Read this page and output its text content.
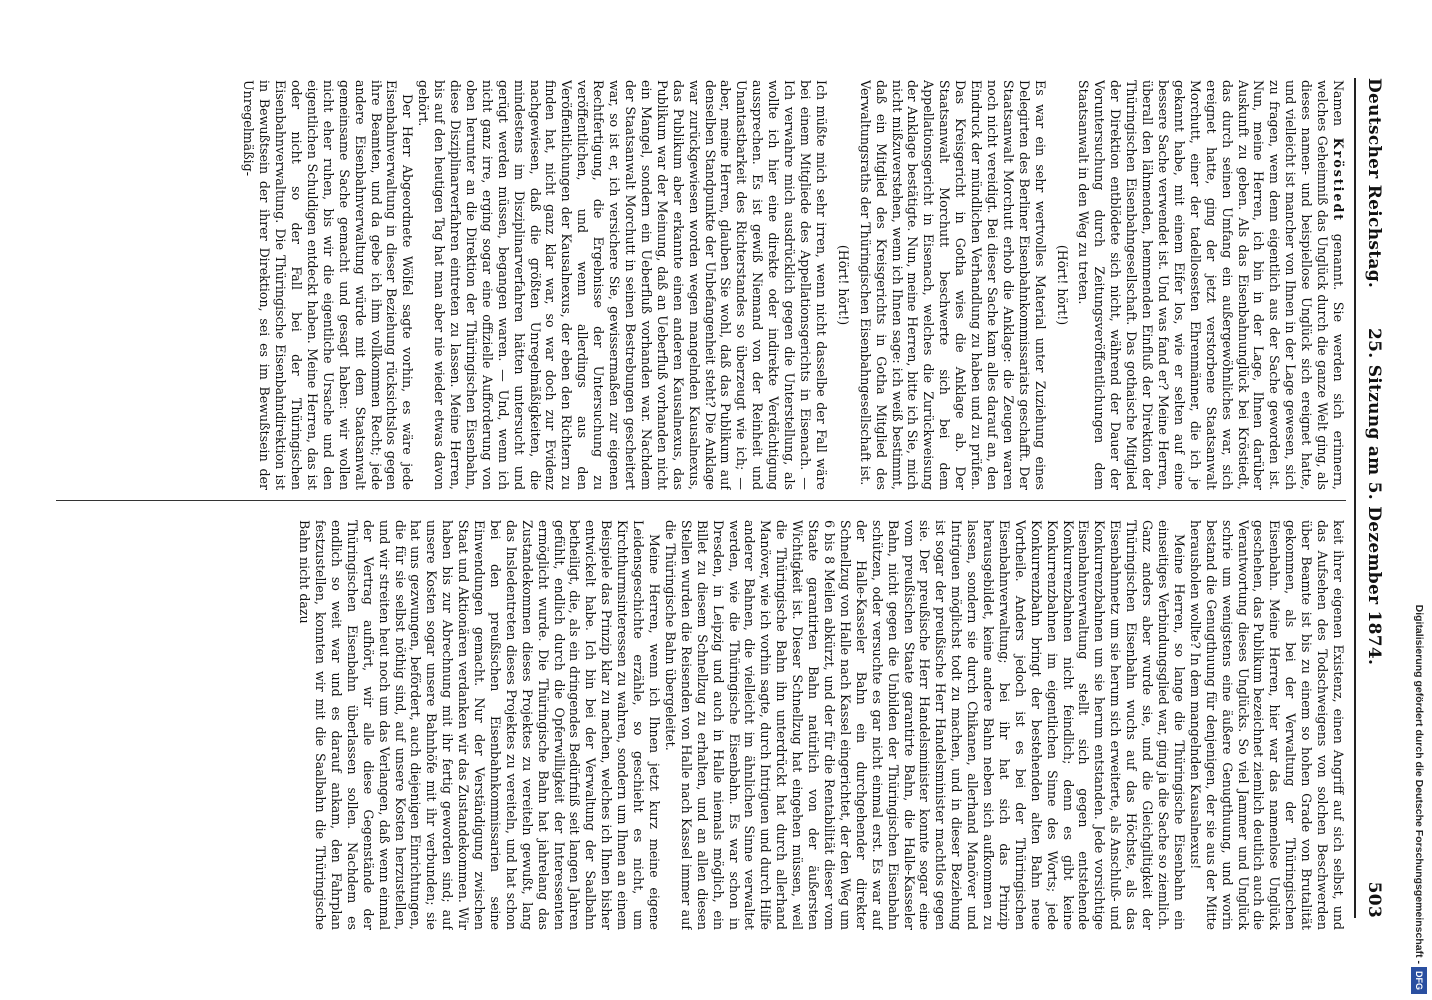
Deutscher Reichstag.
25. Sitzung am 5. Dezember 1874.
503

Namen Kröstiedt genannt. Sie werden sich erinnern, welches Geheimniß das Unglück durch die ganze Welt ging, als dieses namen- und beispiellose Unglück sich ereignet hatte, und vielleicht ist mancher von Ihnen in der Lage gewesen, sich zu fragen, wem denn eigentlich aus der Sache geworden ist. Nun, meine Herren, ich bin in der Lage, Ihnen darüber Auskunft zu geben. Als das Eisenbahnunglück bei Kröstiedt, das durch seinen Umfang ein außergewöhnliches war, sich ereignet hatte, ging der jetzt verstorbene Staatsanwalt Morchutt, einer der tadellosesten Ehrenmänner, die ich je gekannt habe, mit einem Eifer los, wie er selten auf eine bessere Sache verwendet ist. Und was fand er? Meine Herren, überall den lähmenden, hemmenden Einfluß der Direktion der Thüringischen Eisenbahngesellschaft. Das gothaische Mitglied der Direktion entblödete sich nicht, während der Dauer der Voruntersuchung durch Zeitungsveröffentlichungen dem Staatsanwalt in den Weg zu treten.

(Hört! hört!)

Es war ein sehr wertvolles Material unter Zuziehung eines Delegirten des Berliner Eisenbahnkommissariats geschafft. Der Staatsanwalt Morchutt erhob die Anklage: die Zeugen waren noch nicht vereidigt. Bei dieser Sache kam alles darauf an, den Eindruck der mündlichen Verhandlung zu haben und zu prüfen. Das Kreisgericht in Gotha wies die Anklage ab. Der Staatsanwalt Morchutt beschwerte sich bei dem Appellationsgericht in Eisenach, welches die Zurückweisung der Anklage bestätigte. Nun, meine Herren, bitte ich Sie, mich nicht mißzuverstehen, wenn ich Ihnen sage: ich weiß bestimmt, daß ein Mitglied des Kreisgerichts in Gotha Mitglied des Verwaltungsraths der Thüringischen Eisenbahngesellschaft ist.

(Hört! hört!)

Ich müßte mich sehr irren, wenn nicht dasselbe der Fall wäre bei einem Mitgliede des Appellationsgerichts in Eisenach. — Ich verwahre mich ausdrücklich gegen die Unterstellung, als wollte ich hier eine direkte oder indirekte Verdächtigung aussprechen. Es ist gewiß Niemand von der Reinheit und Unantastbarkeit des Richterstandes so überzeugt wie ich; — aber, meine Herren, glauben Sie wohl, daß das Publikum auf denselben Standpunkte der Unbefangenheit steht? Die Anklage war zurückgewiesen worden wegen mangelnden Kausalnexus, das Publikum aber erkannte einen anderen Kausalnexus, das Publikum war der Meinung, daß an Ueberfluß vorhanden nicht ein Mangel, sondern ein Ueberfluß vorhanden war. Nachdem der Staatsanwalt Morchutt in seinen Bestrebungen gescheitert war, so ist er, ich versichere Sie, gewissermaßen zur eigenen Rechtfertigung, die Ergebnisse der Untersuchung zu veröffentlichen, und wenn allerdings aus den Veröffentlichungen der Kausalnexus, der eben den Richtern zu finden hat, nicht ganz klar war, so war doch zur Evidenz nachgewiesen, daß die größten Unregelmäßigkeiten, die mindestens im Disziplinarverfahren hätten untersucht und gerügt werden müssen, begangen waren. — Und, wenn ich nicht ganz irre, erging sogar eine offizielle Aufforderung von oben herunter an die Direktion der Thüringischen Eisenbahn, diese Disziplinarverfahren eintreten zu lassen. Meine Herren, bis auf den heutigen Tag hat man aber nie wieder etwas davon gehört.

Der Herr Abgeordnete Wölfel sagte vorhin, es wäre jede Eisenbahnverwaltung in dieser Beziehung rücksichtslos gegen ihre Beamten, und da gebe ich ihm vollkommen Recht; jede andere Eisenbahnverwaltung würde mit dem Staatsanwalt gemeinsame Sache gemacht und gesagt haben: wir wollen nicht eher ruhen, bis wir die eigentliche Ursache und den eigentlichen Schuldigen entdeckt haben. Meine Herren, das ist oder nicht so der Fall bei der Thüringischen Eisenbahnverwaltung. Die Thüringische Eisenbahndirektion ist in Bewußtsein der ihrer Direktion, sei es im Bewußtsein der Unregelmäßig-

keit ihrer eigenen Existenz, einen Angriff auf sich selbst, und das Aufsehen des Todschweigens von solchen Beschwerden über Beamte ist bis zu einem so hohen Grade von Brutalität gekommen, als bei der Verwaltung der Thüringischen Eisenbahn. Meine Herren, hier war das namenlose Unglück geschehen, das Publikum bezeichnet ziemlich deutlich auch die Verantwortung dieses Unglücks. So viel Jammer und Unglück schrie um wenigstens eine äußere Genugthuung, und worin bestand die Genugthuung für denjenigen, der sie aus der Mitte herausholen wollte? In dem mangelnden Kausalnexus!

Meine Herren, so lange die Thüringische Eisenbahn ein einseitiges Verbindungsglied war, ging ja die Sache so ziemlich. Ganz anders aber wurde sie, und die Gleichgiltigkeit der Thüringischen Eisenbahn wuchs auf das Höchste, als das Eisenbahnnetz um sie herum sich erweiterte, als Anschluß- und Konkurrenzbahnen um sie herum entstanden. Jede vorsichtige Eisenbahnverwaltung stellt sich gegen entstehende Konkurrenzbahnen nicht feindlich; denn es gibt keine Konkurrenzbahnen im eigentlichen Sinne des Worts; jede Konkurrenzbahn bringt der bestehenden alten Bahn neue Vortheile. Anders jedoch ist es bei der Thüringischen Eisenbahnverwaltung; bei ihr hat sich das Prinzip herausgebildet, keine andere Bahn neben sich aufkommen zu lassen, sondern sie durch Chikanen, allerhand Manöver und Intriguen möglichst todt zu machen, und in dieser Beziehung ist sogar der preußische Herr Handelsminister machtlos gegen sie. Der preußische Herr Handelsminister konnte sogar eine vom preußischen Staate garantirte Bahn, die Halle-Kasseler Bahn, nicht gegen die Unbilden der Thüringischen Eisenbahn schützen, oder versuchte es gar nicht einmal erst. Es war auf der Halle-Kasseler Bahn ein durchgehender direkter Schnellzug von Halle nach Kassel eingerichtet, der den Weg um 6 bis 8 Meilen abkürzt, und der für die Rentabilität dieser vom Staate garantirten Bahn natürlich von der äußersten Wichtigkeit ist. Dieser Schnellzug hat eingehen müssen, weil die Thüringische Bahn ihn unterdrückt hat durch allerhand Manöver, wie ich vorhin sagte, durch Intriguen und durch Hilfe anderer Bahnen, die vielleicht im ähnlichen Sinne verwaltet werden, wie die Thüringische Eisenbahn. Es war schon in Dresden, in Leipzig und auch in Halle niemals möglich, ein Billet zu diesem Schnellzug zu erhalten, und an allen diesen Stellen wurden die Reisenden von Halle nach Kassel immer auf die Thüringische Bahn übergeleitet.

Meine Herren, wenn ich Ihnen jetzt kurz meine eigene Leidensgeschichte erzähle, so geschieht es nicht, um Kirchthurmsinteressen zu wahren, sondern um Ihnen an einem Beispiele das Prinzip klar zu machen, welches ich Ihnen bisher entwickelt habe. Ich bin bei der Verwaltung der Saalbahn betheiligt, die, als ein dringendes Bedürfniß seit langen Jahren gefühlt, endlich durch die Opferwilligkeit der Interessenten ermöglicht wurde. Die Thüringische Bahn hat jahrelang das Zustandekommen dieses Projektes zu vereiteln gewußt, lang das Insledentreten dieses Projektes zu vereiteln, und hat schon bei den preußischen Eisenbahnkommissarien seine Einwendungen gemacht. Nur der Verständigung zwischen Staat und Aktionären verdanken wir das Zustandekommen. Wir haben bis zur Abrechnung mit ihr fertig geworden sind; auf unsere Kosten sogar unsere Bahnhöfe mit ihr verbunden; sie hat uns gezwungen, befördert, auch diejenigen Einrichtungen, die für sie selbst nöthig sind, auf unsere Kosten herzustellen, und wir streiten heut noch um das Verlangen, daß wenn einmal der Vertrag aufhört, wir alle diese Gegenstände der Thüringischen Eisenbahn überlassen sollen. Nachdem es endlich so weit war und es darauf ankam, den Fahrplan festzustellen, konnten wir mit die Saalbahn die Thüringische Bahn nicht dazu

Digitalisierung gefördert durch die Deutsche Forschungsgemeinschaft -DFG
